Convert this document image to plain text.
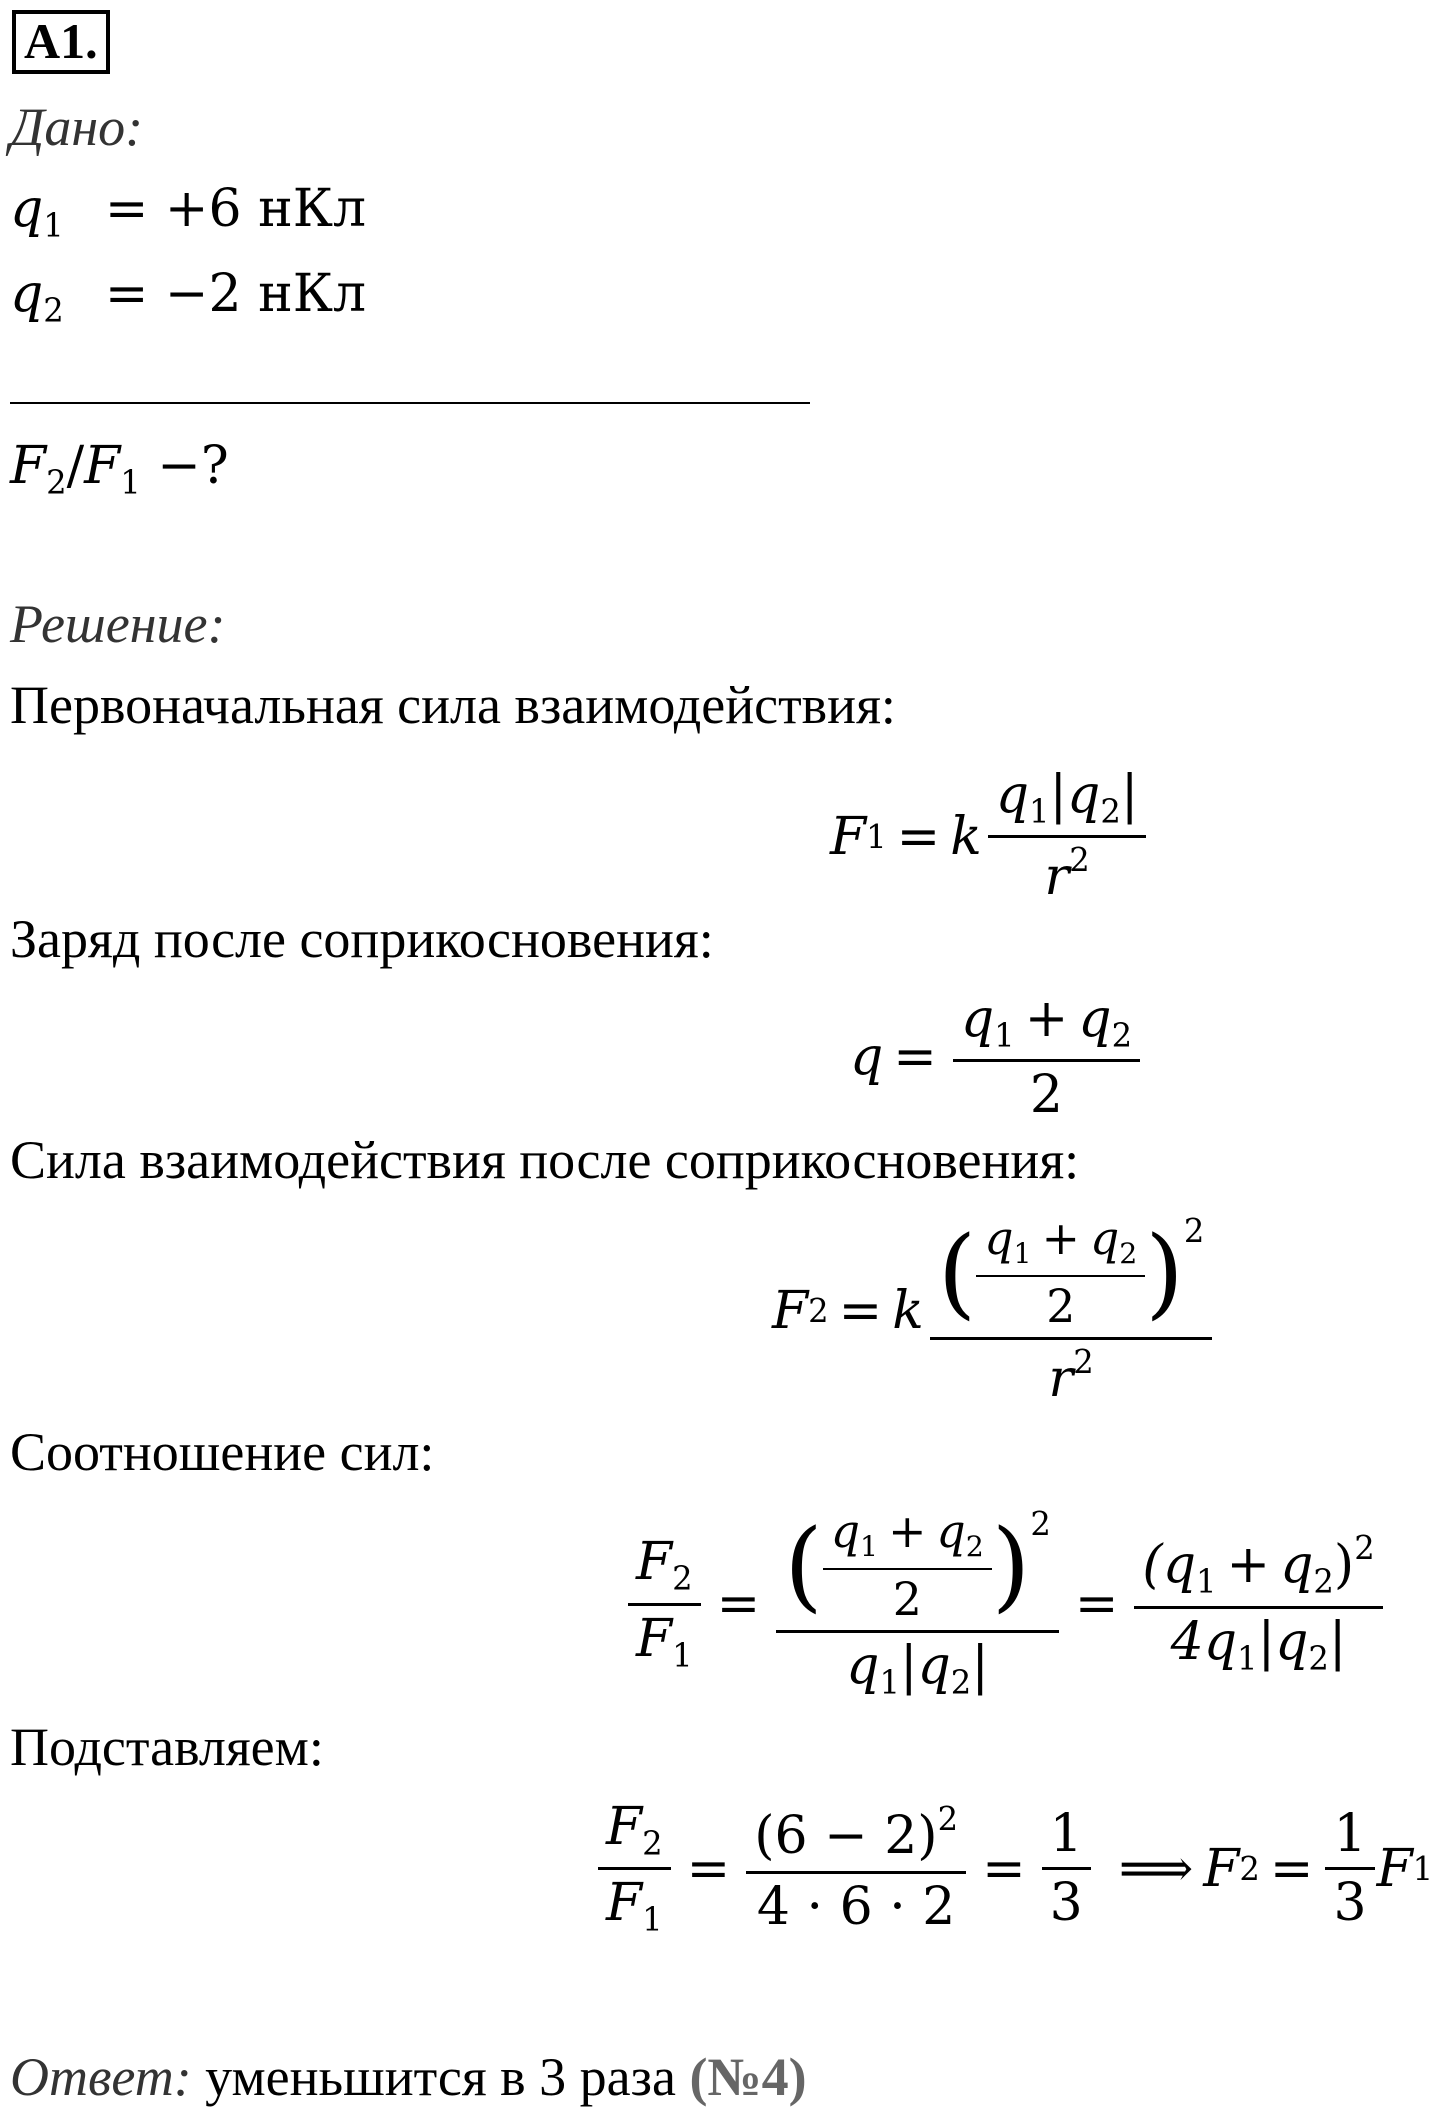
A1.
Дано:
$q_1 = +6$ нКл
$q_2 = -2$ нКл
$F_2/F_1$ −?
Решение:
Первоначальная сила взаимодействия:
F 1 = k $\frac{q_1|q_2|}{r^2}$
Заряд после соприкосновения:
$q = \frac{q_1 + q_2}{2}$
Сила взаимодействия после соприкосновения:
F 2 = k $\frac{( \frac{q_1 + q_2}{2} ) 2}{r^2}$
Соотношение сил:
$\frac{F_2}{F_1} = \frac{( \frac{q_1 + q_2}{2} ) 2}{q_1|q_2|} = \frac{(q_1 + q_2)^2}{4q_1|q_2|}$
Подставляем:
$\frac{F_2}{F_1} = \frac{(6 - 2)^2}{4 \cdot 6 \cdot 2} = \frac{1}{3}$ ⟹ F $2 = \frac{1}{3}$ F 1
Ответ: уменьшится в 3 раза (№4)
